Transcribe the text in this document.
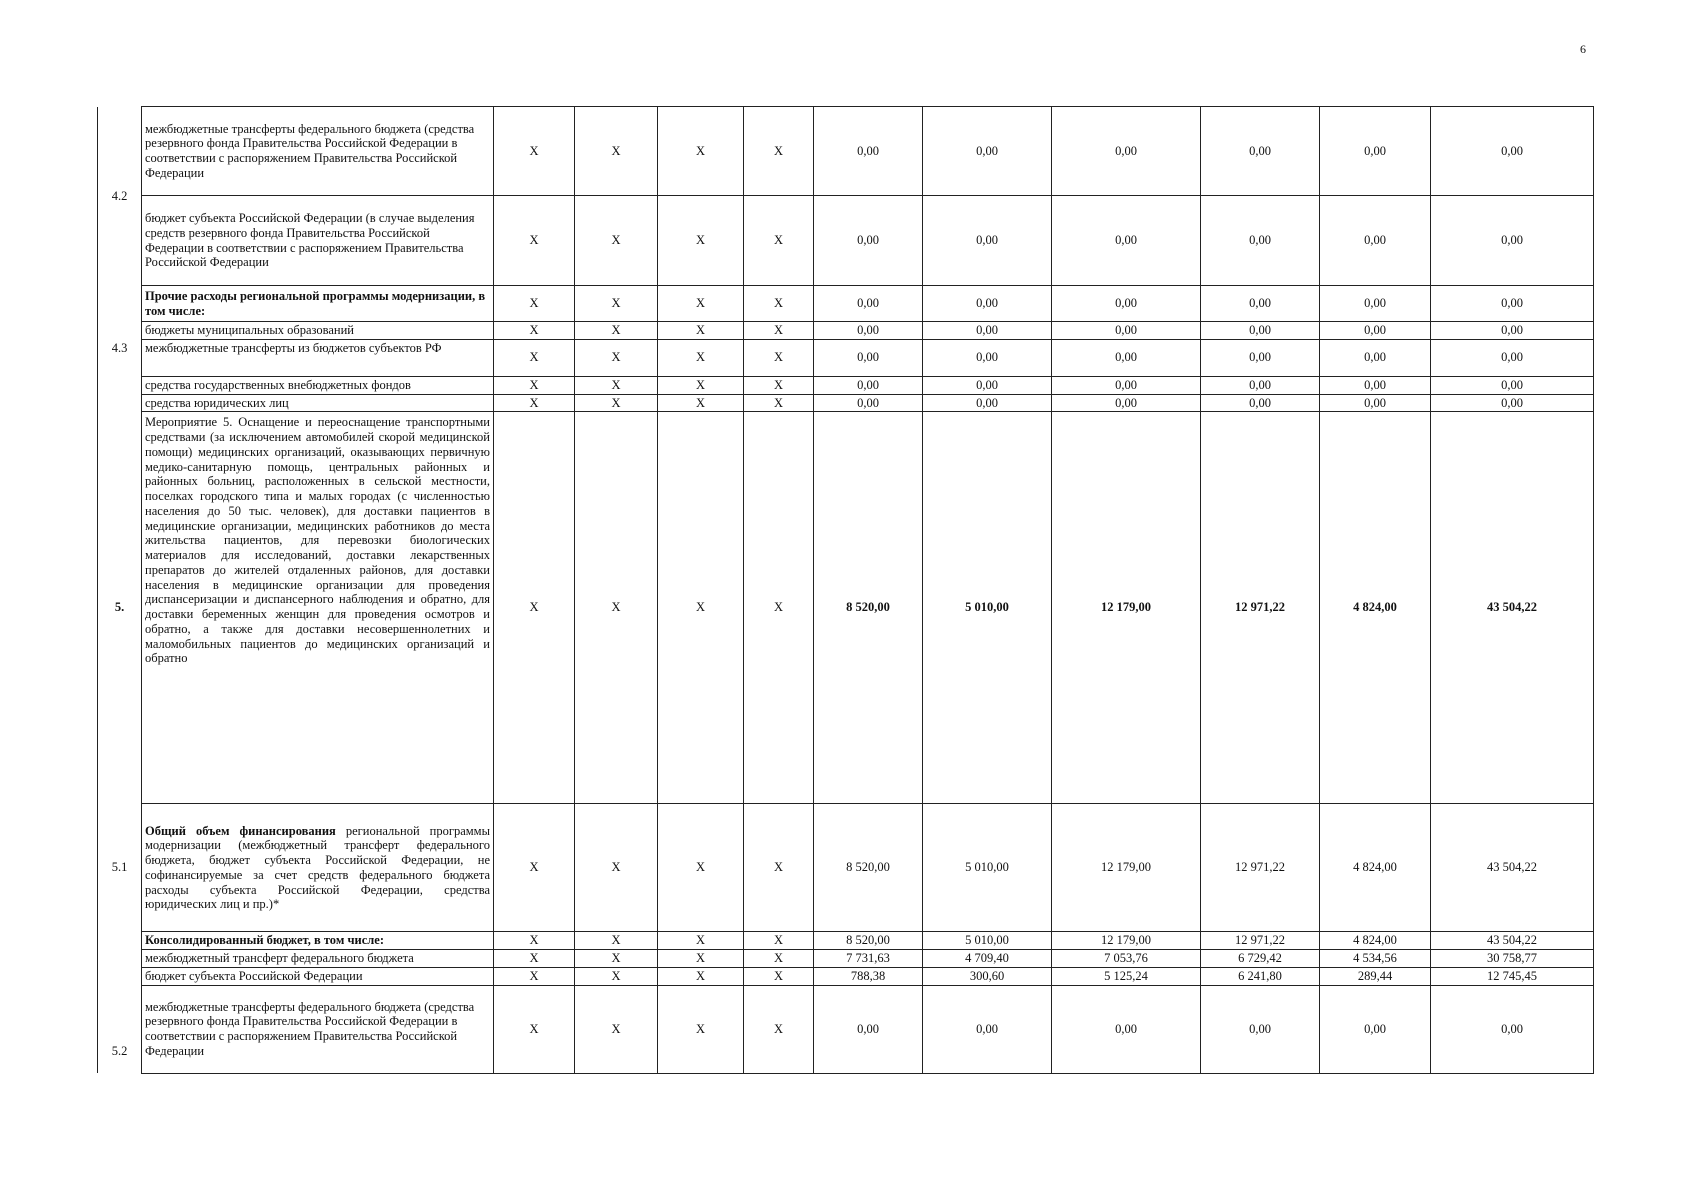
6
4.2	межбюджетные трансферты федерального бюджета (средства резервного фонда Правительства Российской Федерации в соответствии с распоряжением Правительства Российской Федерации	X	X	X	X	0,00	0,00	0,00	0,00	0,00	0,00
	бюджет субъекта Российской Федерации (в случае выделения средств резервного фонда Правительства Российской Федерации в соответствии с распоряжением Правительства Российской Федерации	X	X	X	X	0,00	0,00	0,00	0,00	0,00	0,00
4.3	Прочие расходы региональной программы модернизации, в том числе:	X	X	X	X	0,00	0,00	0,00	0,00	0,00	0,00
	бюджеты муниципальных образований	X	X	X	X	0,00	0,00	0,00	0,00	0,00	0,00
	межбюджетные трансферты из бюджетов субъектов РФ	X	X	X	X	0,00	0,00	0,00	0,00	0,00	0,00
	средства государственных внебюджетных фондов	X	X	X	X	0,00	0,00	0,00	0,00	0,00	0,00
	средства юридических лиц	X	X	X	X	0,00	0,00	0,00	0,00	0,00	0,00
5.	Мероприятие 5. Оснащение и переоснащение транспортными средствами (за исключением автомобилей скорой медицинской помощи) медицинских организаций, оказывающих первичную медико-санитарную помощь, центральных районных и районных больниц, расположенных в сельской местности, поселках городского типа и малых городах (с численностью населения до 50 тыс. человек), для доставки пациентов в медицинские организации, медицинских работников до места жительства пациентов, для перевозки биологических материалов для исследований, доставки лекарственных препаратов до жителей отдаленных районов, для доставки населения в медицинские организации для проведения диспансеризации и диспансерного наблюдения и обратно, для доставки беременных женщин для проведения осмотров и обратно, а также для доставки несовершеннолетних и маломобильных пациентов до медицинских организаций и обратно	X	X	X	X	8 520,00	5 010,00	12 179,00	12 971,22	4 824,00	43 504,22
5.1	Общий объем финансирования региональной программы модернизации (межбюджетный трансферт федерального бюджета, бюджет субъекта Российской Федерации, не софинансируемые за счет средств федерального бюджета расходы субъекта Российской Федерации, средства юридических лиц и пр.)*	X	X	X	X	8 520,00	5 010,00	12 179,00	12 971,22	4 824,00	43 504,22
5.2	Консолидированный бюджет, в том числе:	X	X	X	X	8 520,00	5 010,00	12 179,00	12 971,22	4 824,00	43 504,22
	межбюджетный трансферт федерального бюджета	X	X	X	X	7 731,63	4 709,40	7 053,76	6 729,42	4 534,56	30 758,77
	бюджет субъекта Российской Федерации	X	X	X	X	788,38	300,60	5 125,24	6 241,80	289,44	12 745,45
	межбюджетные трансферты федерального бюджета (средства резервного фонда Правительства Российской Федерации в соответствии с распоряжением Правительства Российской Федерации	X	X	X	X	0,00	0,00	0,00	0,00	0,00	0,00
